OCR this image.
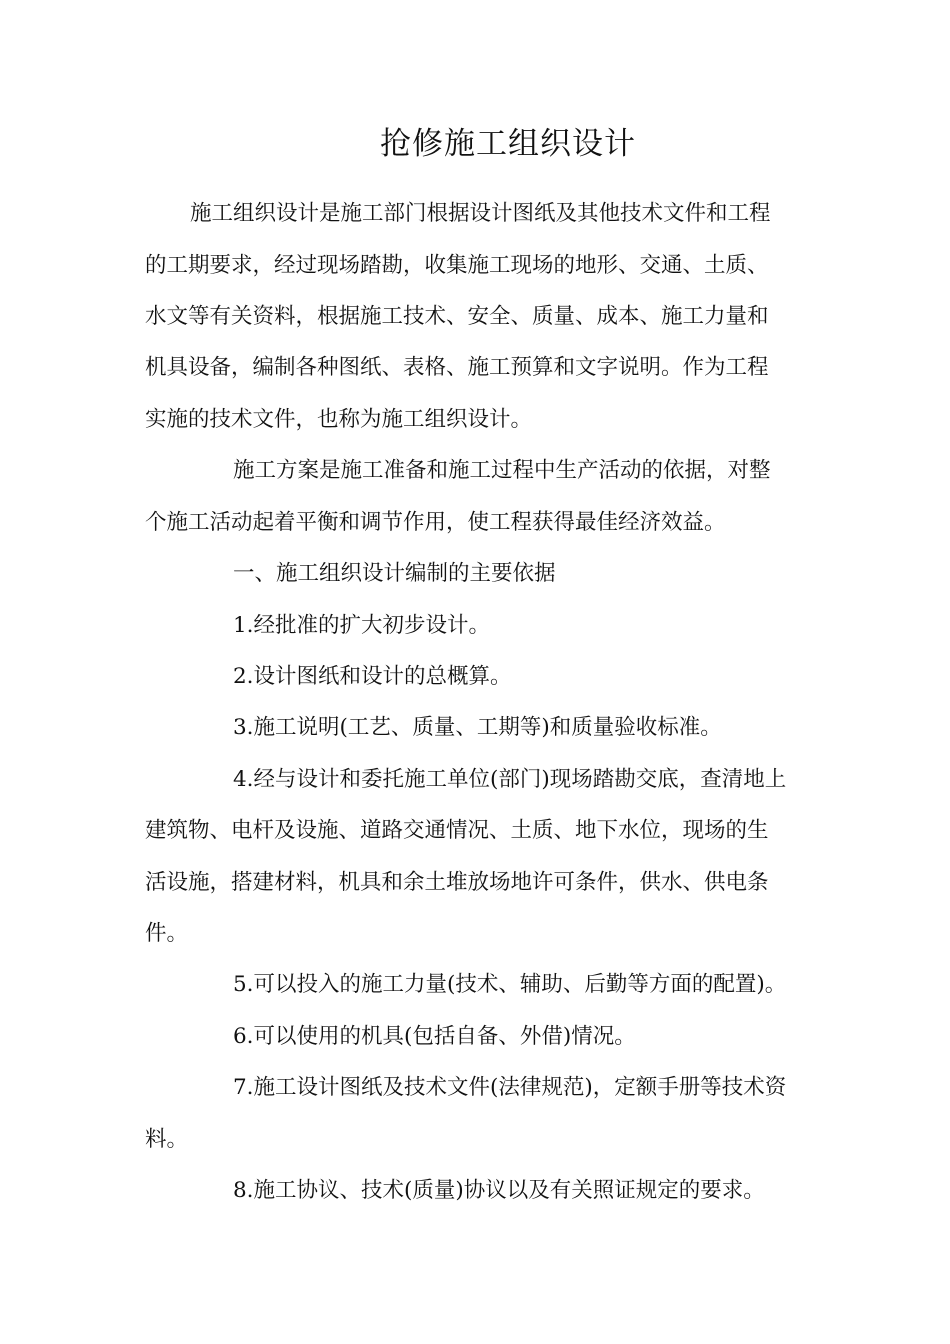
抢修施工组织设计
施工组织设计是施工部门根据设计图纸及其他技术文件和工程
的工期要求，经过现场踏勘，收集施工现场的地形、交通、土质、
水文等有关资料，根据施工技术、安全、质量、成本、施工力量和
机具设备，编制各种图纸、表格、施工预算和文字说明。作为工程
实施的技术文件，也称为施工组织设计。
施工方案是施工准备和施工过程中生产活动的依据，对整
个施工活动起着平衡和调节作用，使工程获得最佳经济效益。
一、施工组织设计编制的主要依据
1.经批准的扩大初步设计。
2.设计图纸和设计的总概算。
3.施工说明(工艺、质量、工期等)和质量验收标准。
4.经与设计和委托施工单位(部门)现场踏勘交底，查清地上
建筑物、电杆及设施、道路交通情况、土质、地下水位，现场的生
活设施，搭建材料，机具和余土堆放场地许可条件，供水、供电条
件。
5.可以投入的施工力量(技术、辅助、后勤等方面的配置)。
6.可以使用的机具(包括自备、外借)情况。
7.施工设计图纸及技术文件(法律规范)，定额手册等技术资
料。
8.施工协议、技术(质量)协议以及有关照证规定的要求。
